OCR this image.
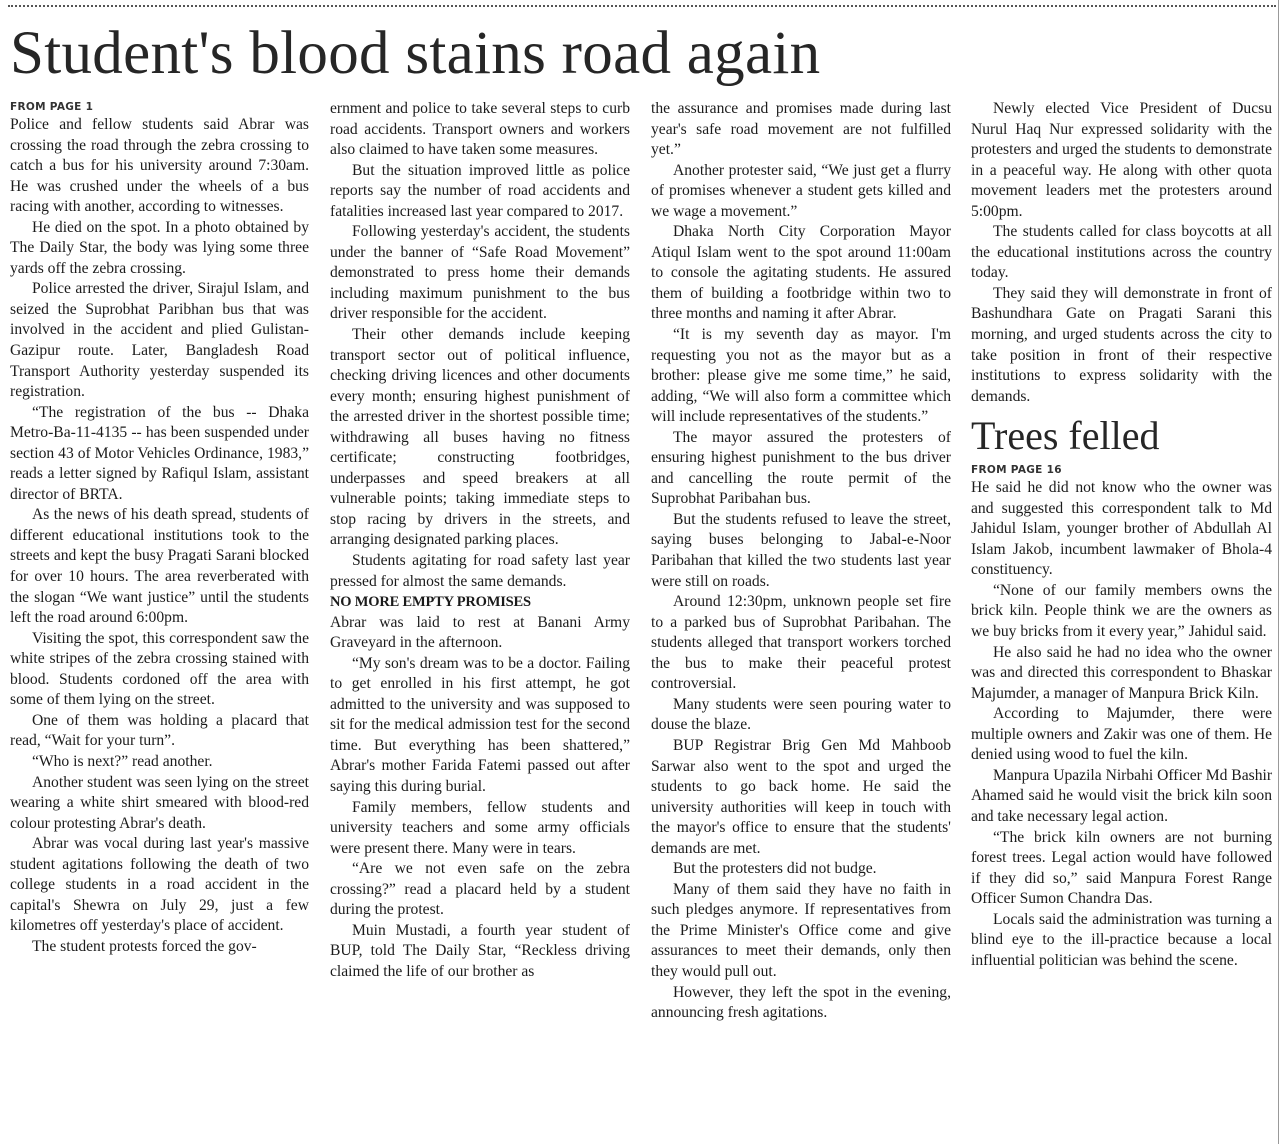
Student's blood stains road again
FROM PAGE 1

Police and fellow students said Abrar was crossing the road through the zebra crossing to catch a bus for his university around 7:30am. He was crushed under the wheels of a bus racing with another, according to witnesses.

He died on the spot. In a photo obtained by The Daily Star, the body was lying some three yards off the zebra crossing.

Police arrested the driver, Sirajul Islam, and seized the Suprobhat Paribhan bus that was involved in the accident and plied Gulistan-Gazipur route. Later, Bangladesh Road Transport Authority yesterday suspended its registration.

“The registration of the bus -- Dhaka Metro-Ba-11-4135 -- has been suspended under section 43 of Motor Vehicles Ordinance, 1983,” reads a letter signed by Rafiqul Islam, assistant director of BRTA.

As the news of his death spread, students of different educational institutions took to the streets and kept the busy Pragati Sarani blocked for over 10 hours. The area reverberated with the slogan “We want justice” until the students left the road around 6:00pm.

Visiting the spot, this correspondent saw the white stripes of the zebra crossing stained with blood. Students cordoned off the area with some of them lying on the street.

One of them was holding a placard that read, “Wait for your turn”.

“Who is next?” read another.

Another student was seen lying on the street wearing a white shirt smeared with blood-red colour protesting Abrar's death.

Abrar was vocal during last year's massive student agitations following the death of two college students in a road accident in the capital's Shewra on July 29, just a few kilometres off yesterday's place of accident.

The student protests forced the gov-

ernment and police to take several steps to curb road accidents. Transport owners and workers also claimed to have taken some measures.

But the situation improved little as police reports say the number of road accidents and fatalities increased last year compared to 2017.

Following yesterday's accident, the students under the banner of “Safe Road Movement” demonstrated to press home their demands including maximum punishment to the bus driver responsible for the accident.

Their other demands include keeping transport sector out of political influence, checking driving licences and other documents every month; ensuring highest punishment of the arrested driver in the shortest possible time; withdrawing all buses having no fitness certificate; constructing footbridges, underpasses and speed breakers at all vulnerable points; taking immediate steps to stop racing by drivers in the streets, and arranging designated parking places.

Students agitating for road safety last year pressed for almost the same demands.

NO MORE EMPTY PROMISES

Abrar was laid to rest at Banani Army Graveyard in the afternoon.

“My son's dream was to be a doctor. Failing to get enrolled in his first attempt, he got admitted to the university and was supposed to sit for the medical admission test for the second time. But everything has been shattered,” Abrar's mother Farida Fatemi passed out after saying this during burial.

Family members, fellow students and university teachers and some army officials were present there. Many were in tears.

“Are we not even safe on the zebra crossing?” read a placard held by a student during the protest.

Muin Mustadi, a fourth year student of BUP, told The Daily Star, “Reckless driving claimed the life of our brother as

the assurance and promises made during last year's safe road movement are not fulfilled yet.”

Another protester said, “We just get a flurry of promises whenever a student gets killed and we wage a movement.”

Dhaka North City Corporation Mayor Atiqul Islam went to the spot around 11:00am to console the agitating students. He assured them of building a footbridge within two to three months and naming it after Abrar.

“It is my seventh day as mayor. I'm requesting you not as the mayor but as a brother: please give me some time,” he said, adding, “We will also form a committee which will include representatives of the students.”

The mayor assured the protesters of ensuring highest punishment to the bus driver and cancelling the route permit of the Suprobhat Paribahan bus.

But the students refused to leave the street, saying buses belonging to Jabal-e-Noor Paribahan that killed the two students last year were still on roads.

Around 12:30pm, unknown people set fire to a parked bus of Suprobhat Paribahan. The students alleged that transport workers torched the bus to make their peaceful protest controversial.

Many students were seen pouring water to douse the blaze.

BUP Registrar Brig Gen Md Mahboob Sarwar also went to the spot and urged the students to go back home. He said the university authorities will keep in touch with the mayor's office to ensure that the students' demands are met.

But the protesters did not budge.

Many of them said they have no faith in such pledges anymore. If representatives from the Prime Minister's Office come and give assurances to meet their demands, only then they would pull out.

However, they left the spot in the evening, announcing fresh agitations.

Newly elected Vice President of Ducsu Nurul Haq Nur expressed solidarity with the protesters and urged the students to demonstrate in a peaceful way. He along with other quota movement leaders met the protesters around 5:00pm.

The students called for class boycotts at all the educational institutions across the country today.

They said they will demonstrate in front of Bashundhara Gate on Pragati Sarani this morning, and urged students across the city to take position in front of their respective institutions to express solidarity with the demands.

Trees felled
FROM PAGE 16

He said he did not know who the owner was and suggested this correspondent talk to Md Jahidul Islam, younger brother of Abdullah Al Islam Jakob, incumbent lawmaker of Bhola-4 constituency.

“None of our family members owns the brick kiln. People think we are the owners as we buy bricks from it every year,” Jahidul said.

He also said he had no idea who the owner was and directed this correspondent to Bhaskar Majumder, a manager of Manpura Brick Kiln.

According to Majumder, there were multiple owners and Zakir was one of them. He denied using wood to fuel the kiln.

Manpura Upazila Nirbahi Officer Md Bashir Ahamed said he would visit the brick kiln soon and take necessary legal action.

“The brick kiln owners are not burning forest trees. Legal action would have followed if they did so,” said Manpura Forest Range Officer Sumon Chandra Das.

Locals said the administration was turning a blind eye to the ill-practice because a local influential politician was behind the scene.
